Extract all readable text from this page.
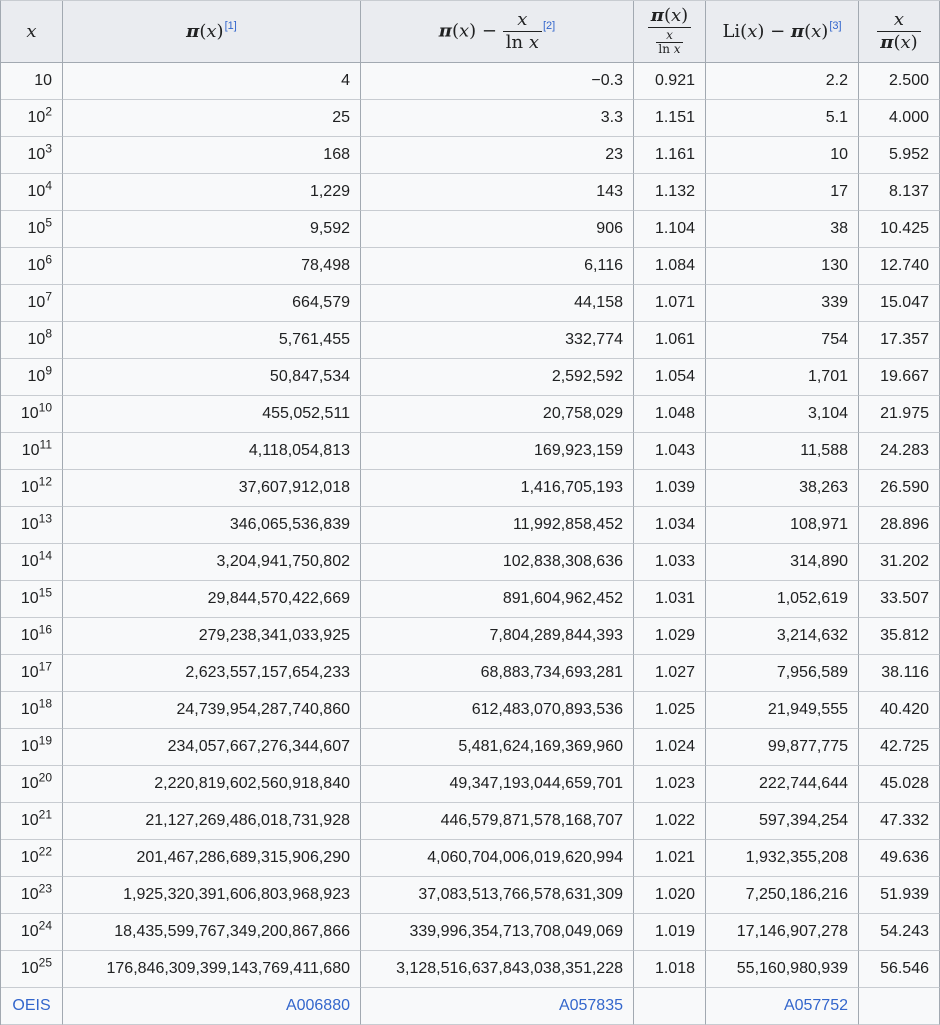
x	π(x)[1]	$\pi(x) - \frac{x}{\text{ln x}} [2]$	$\frac{\pi(x)}{\frac{x}{\text{ln x}}}$	Li(x) − π(x)[3]	$\frac{x}{\pi(x)}$

10	4	−0.3	0.921	2.2	2.500
$10^2$	25	3.3	1.151	5.1	4.000
$10^3$	168	23	1.161	10	5.952
$10^4$	1,229	143	1.132	17	8.137
$10^5$	9,592	906	1.104	38	10.425
$10^6$	78,498	6,116	1.084	130	12.740
$10^7$	664,579	44,158	1.071	339	15.047
$10^8$	5,761,455	332,774	1.061	754	17.357
$10^9$	50,847,534	2,592,592	1.054	1,701	19.667
$10^{10}$	455,052,511	20,758,029	1.048	3,104	21.975
$10^{11}$	4,118,054,813	169,923,159	1.043	11,588	24.283
$10^{12}$	37,607,912,018	1,416,705,193	1.039	38,263	26.590
$10^{13}$	346,065,536,839	11,992,858,452	1.034	108,971	28.896
$10^{14}$	3,204,941,750,802	102,838,308,636	1.033	314,890	31.202
$10^{15}$	29,844,570,422,669	891,604,962,452	1.031	1,052,619	33.507
$10^{16}$	279,238,341,033,925	7,804,289,844,393	1.029	3,214,632	35.812
$10^{17}$	2,623,557,157,654,233	68,883,734,693,281	1.027	7,956,589	38.116
$10^{18}$	24,739,954,287,740,860	612,483,070,893,536	1.025	21,949,555	40.420
$10^{19}$	234,057,667,276,344,607	5,481,624,169,369,960	1.024	99,877,775	42.725
$10^{20}$	2,220,819,602,560,918,840	49,347,193,044,659,701	1.023	222,744,644	45.028
$10^{21}$	21,127,269,486,018,731,928	446,579,871,578,168,707	1.022	597,394,254	47.332
$10^{22}$	201,467,286,689,315,906,290	4,060,704,006,019,620,994	1.021	1,932,355,208	49.636
$10^{23}$	1,925,320,391,606,803,968,923	37,083,513,766,578,631,309	1.020	7,250,186,216	51.939
$10^{24}$	18,435,599,767,349,200,867,866	339,996,354,713,708,049,069	1.019	17,146,907,278	54.243
$10^{25}$	176,846,309,399,143,769,411,680	3,128,516,637,843,038,351,228	1.018	55,160,980,939	56.546
OEIS	A006880	A057835		A057752	
